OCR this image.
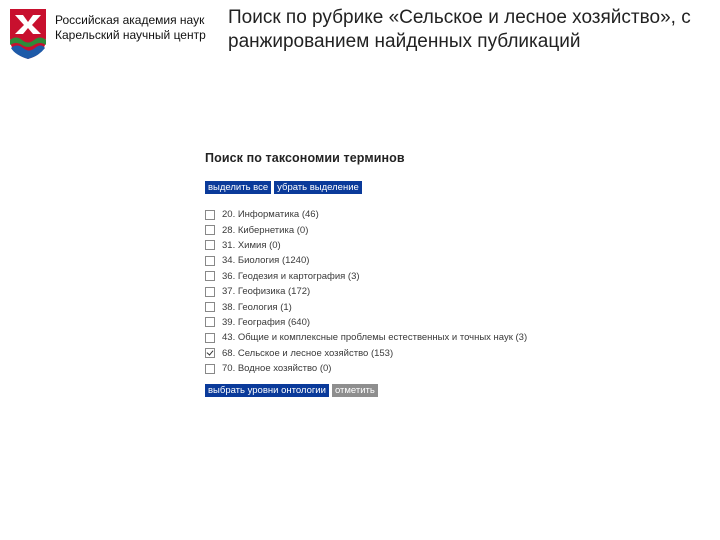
Российская академия наук
Карельский научный центр
Поиск по рубрике «Сельское и лесное хозяйство», с
ранжированием найденных публикаций
Поиск по таксономии терминов
выделить все убрать выделение
20. Информатика (46)
28. Кибернетика (0)
31. Химия (0)
34. Биология (1240)
36. Геодезия и картография (3)
37. Геофизика (172)
38. Геология (1)
39. География (640)
43. Общие и комплексные проблемы естественных и точных наук (3)
68. Сельское и лесное хозяйство (153)
70. Водное хозяйство (0)
выбрать уровни онтологии отметить
